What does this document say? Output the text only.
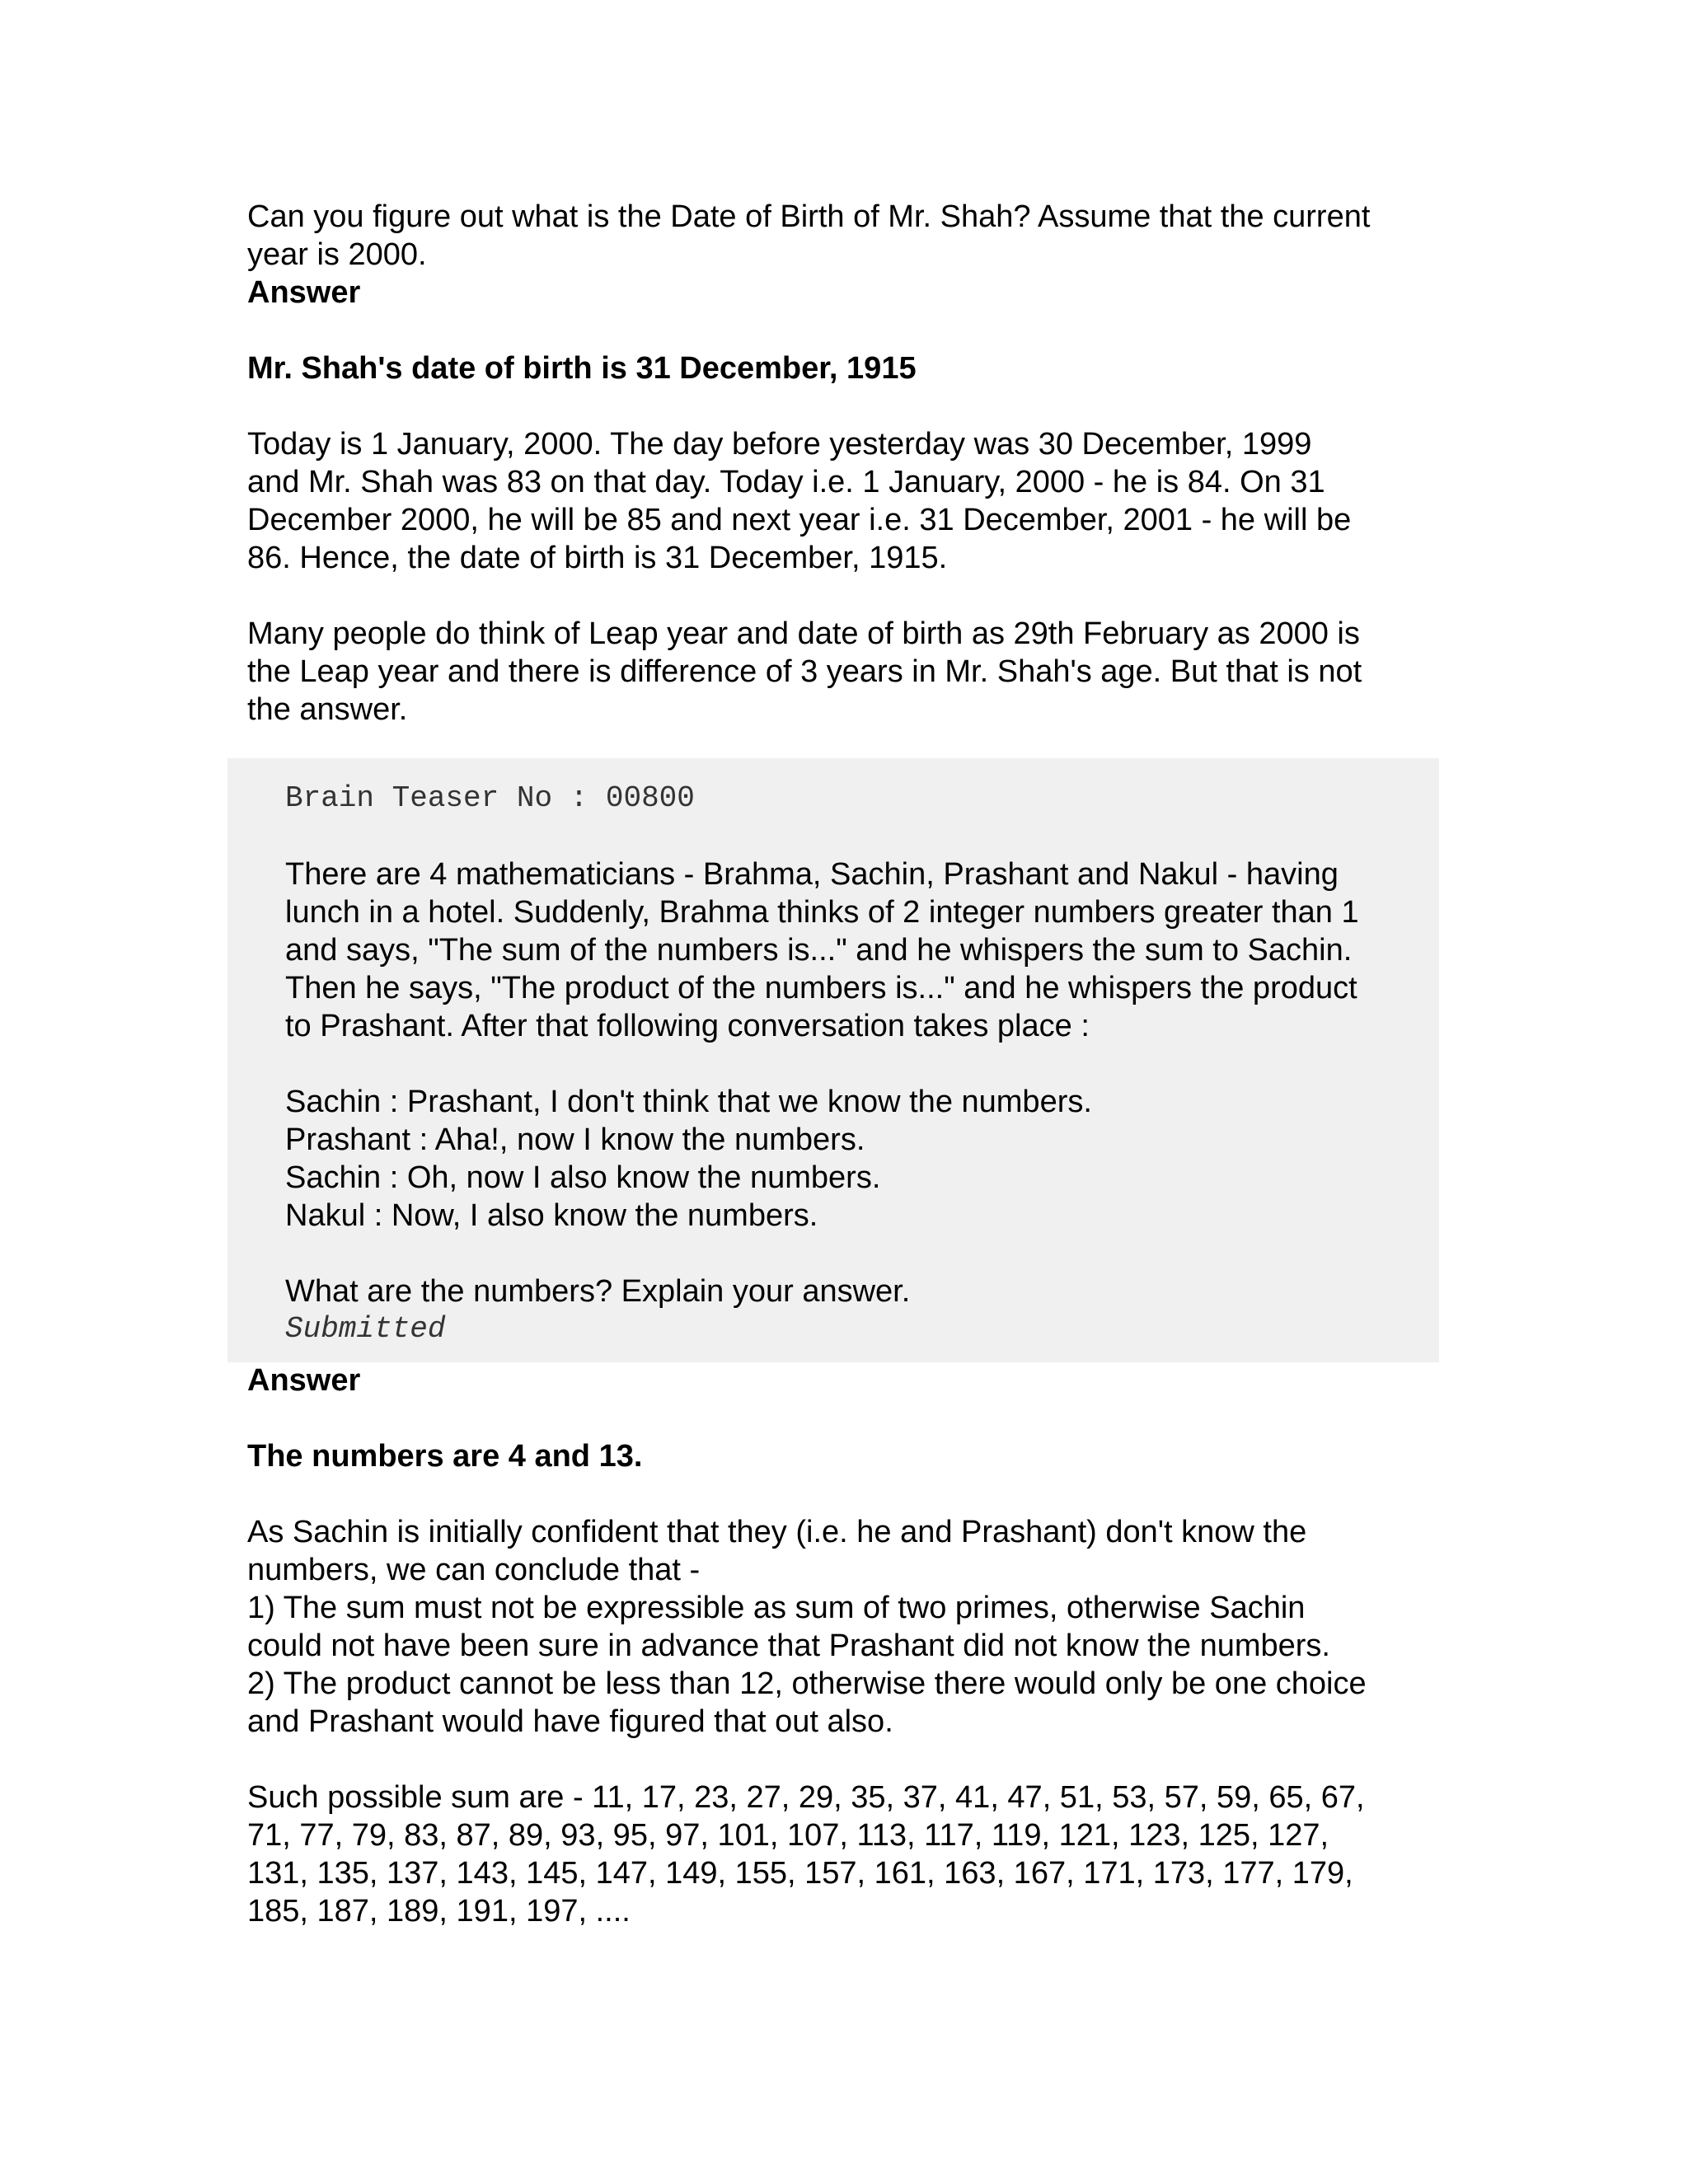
Can you figure out what is the Date of Birth of Mr. Shah? Assume that the current
year is 2000.

Answer

Mr. Shah's date of birth is 31 December, 1915

Today is 1 January, 2000. The day before yesterday was 30 December, 1999
and Mr. Shah was 83 on that day. Today i.e. 1 January, 2000 - he is 84. On 31
December 2000, he will be 85 and next year i.e. 31 December, 2001 - he will be
86. Hence, the date of birth is 31 December, 1915.

Many people do think of Leap year and date of birth as 29th February as 2000 is
the Leap year and there is difference of 3 years in Mr. Shah's age. But that is not
the answer.

Brain Teaser No : 00800

There are 4 mathematicians - Brahma, Sachin, Prashant and Nakul - having
lunch in a hotel. Suddenly, Brahma thinks of 2 integer numbers greater than 1
and says, "The sum of the numbers is..." and he whispers the sum to Sachin.
Then he says, "The product of the numbers is..." and he whispers the product
to Prashant. After that following conversation takes place :

Sachin : Prashant, I don't think that we know the numbers.
Prashant : Aha!, now I know the numbers.
Sachin : Oh, now I also know the numbers.
Nakul : Now, I also know the numbers.

What are the numbers? Explain your answer.

Submitted

Answer

The numbers are 4 and 13.

As Sachin is initially confident that they (i.e. he and Prashant) don't know the
numbers, we can conclude that -
1) The sum must not be expressible as sum of two primes, otherwise Sachin
could not have been sure in advance that Prashant did not know the numbers.
2) The product cannot be less than 12, otherwise there would only be one choice
and Prashant would have figured that out also.

Such possible sum are - 11, 17, 23, 27, 29, 35, 37, 41, 47, 51, 53, 57, 59, 65, 67,
71, 77, 79, 83, 87, 89, 93, 95, 97, 101, 107, 113, 117, 119, 121, 123, 125, 127,
131, 135, 137, 143, 145, 147, 149, 155, 157, 161, 163, 167, 171, 173, 177, 179,
185, 187, 189, 191, 197, ....
